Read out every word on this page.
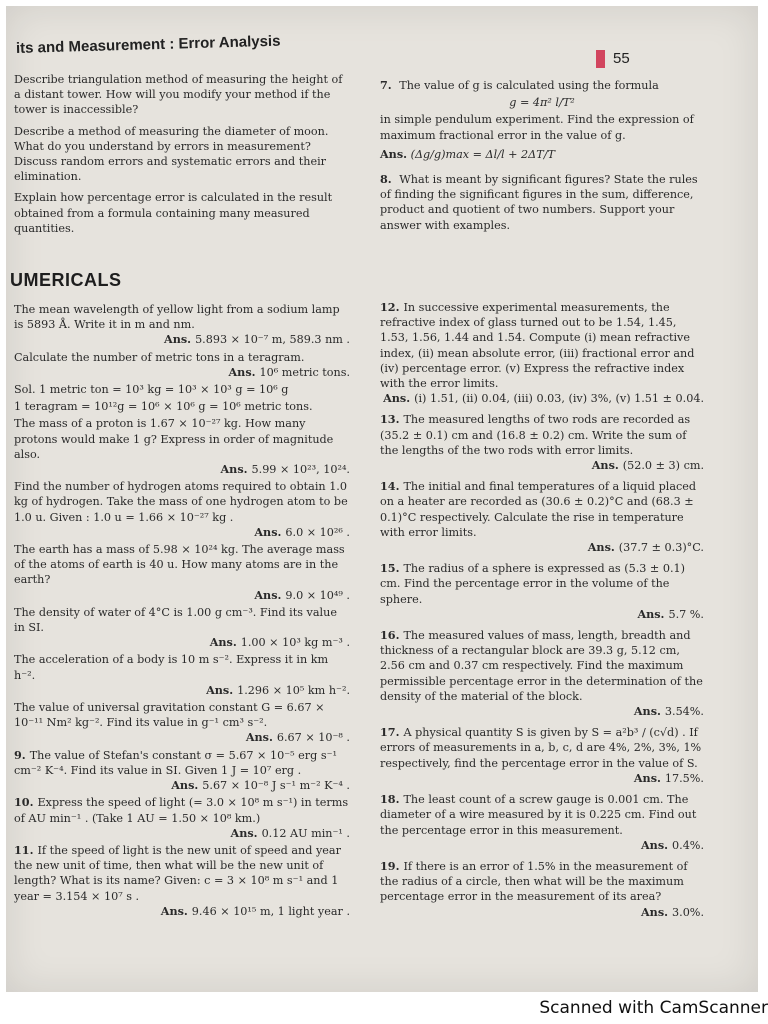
its and Measurement : Error Analysis
55
Describe triangulation method of measuring the height of a distant tower. How will you modify your method if the tower is inaccessible?
Describe a method of measuring the diameter of moon.
What do you understand by errors in measurement?
Discuss random errors and systematic errors and their elimination.
Explain how percentage error is calculated in the result obtained from a formula containing many measured quantities.
7. The value of g is calculated using the formula
g = 4π² l/T²
in simple pendulum experiment. Find the expression of maximum fractional error in the value of g.
Ans. (Δg/g)max = Δl/l + 2ΔT/T
8. What is meant by significant figures? State the rules of finding the significant figures in the sum, difference, product and quotient of two numbers. Support your answer with examples.
UMERICALS
The mean wavelength of yellow light from a sodium lamp is 5893 Å. Write it in m and nm.
Ans. 5.893 × 10⁻⁷ m, 589.3 nm .
Calculate the number of metric tons in a teragram.
Ans. 10⁶ metric tons.
Sol. 1 metric ton = 10³ kg = 10³ × 10³ g = 10⁶ g
1 teragram = 10¹²g = 10⁶ × 10⁶ g = 10⁶ metric tons.
The mass of a proton is 1.67 × 10⁻²⁷ kg. How many protons would make 1 g? Express in order of magnitude also.
Ans. 5.99 × 10²³, 10²⁴.
Find the number of hydrogen atoms required to obtain 1.0 kg of hydrogen. Take the mass of one hydrogen atom to be 1.0 u. Given : 1.0 u = 1.66 × 10⁻²⁷ kg .
Ans. 6.0 × 10²⁶ .
The earth has a mass of 5.98 × 10²⁴ kg. The average mass of the atoms of earth is 40 u. How many atoms are in the earth?
Ans. 9.0 × 10⁴⁹ .
The density of water of 4°C is 1.00 g cm⁻³. Find its value in SI.
Ans. 1.00 × 10³ kg m⁻³ .
The acceleration of a body is 10 m s⁻². Express it in km h⁻².
Ans. 1.296 × 10⁵ km h⁻².
The value of universal gravitation constant G = 6.67 × 10⁻¹¹ Nm² kg⁻². Find its value in g⁻¹ cm³ s⁻².
Ans. 6.67 × 10⁻⁸ .
9. The value of Stefan's constant σ = 5.67 × 10⁻⁵ erg s⁻¹ cm⁻² K⁻⁴. Find its value in SI. Given 1 J = 10⁷ erg .
Ans. 5.67 × 10⁻⁸ J s⁻¹ m⁻² K⁻⁴ .
10. Express the speed of light (= 3.0 × 10⁸ m s⁻¹) in terms of AU min⁻¹ . (Take 1 AU = 1.50 × 10⁸ km.)
Ans. 0.12 AU min⁻¹ .
11. If the speed of light is the new unit of speed and year the new unit of time, then what will be the new unit of length? What is its name? Given: c = 3 × 10⁸ m s⁻¹ and 1 year = 3.154 × 10⁷ s .
Ans. 9.46 × 10¹⁵ m, 1 light year .
12. In successive experimental measurements, the refractive index of glass turned out to be 1.54, 1.45, 1.53, 1.56, 1.44 and 1.54. Compute (i) mean refractive index, (ii) mean absolute error, (iii) fractional error and (iv) percentage error. (v) Express the refractive index with the error limits.
Ans. (i) 1.51, (ii) 0.04, (iii) 0.03, (iv) 3%, (v) 1.51 ± 0.04.
13. The measured lengths of two rods are recorded as (35.2 ± 0.1) cm and (16.8 ± 0.2) cm. Write the sum of the lengths of the two rods with error limits.
Ans. (52.0 ± 3) cm.
14. The initial and final temperatures of a liquid placed on a heater are recorded as (30.6 ± 0.2)°C and (68.3 ± 0.1)°C respectively. Calculate the rise in temperature with error limits.
Ans. (37.7 ± 0.3)°C.
15. The radius of a sphere is expressed as (5.3 ± 0.1) cm. Find the percentage error in the volume of the sphere.
Ans. 5.7 %.
16. The measured values of mass, length, breadth and thickness of a rectangular block are 39.3 g, 5.12 cm, 2.56 cm and 0.37 cm respectively. Find the maximum permissible percentage error in the determination of the density of the material of the block.
Ans. 3.54%.
17. A physical quantity S is given by S = a²b³ / (c√d) . If errors of measurements in a, b, c, d are 4%, 2%, 3%, 1% respectively, find the percentage error in the value of S.
Ans. 17.5%.
18. The least count of a screw gauge is 0.001 cm. The diameter of a wire measured by it is 0.225 cm. Find out the percentage error in this measurement.
Ans. 0.4%.
19. If there is an error of 1.5% in the measurement of the radius of a circle, then what will be the maximum percentage error in the measurement of its area?
Ans. 3.0%.
Scanned with CamScanner
